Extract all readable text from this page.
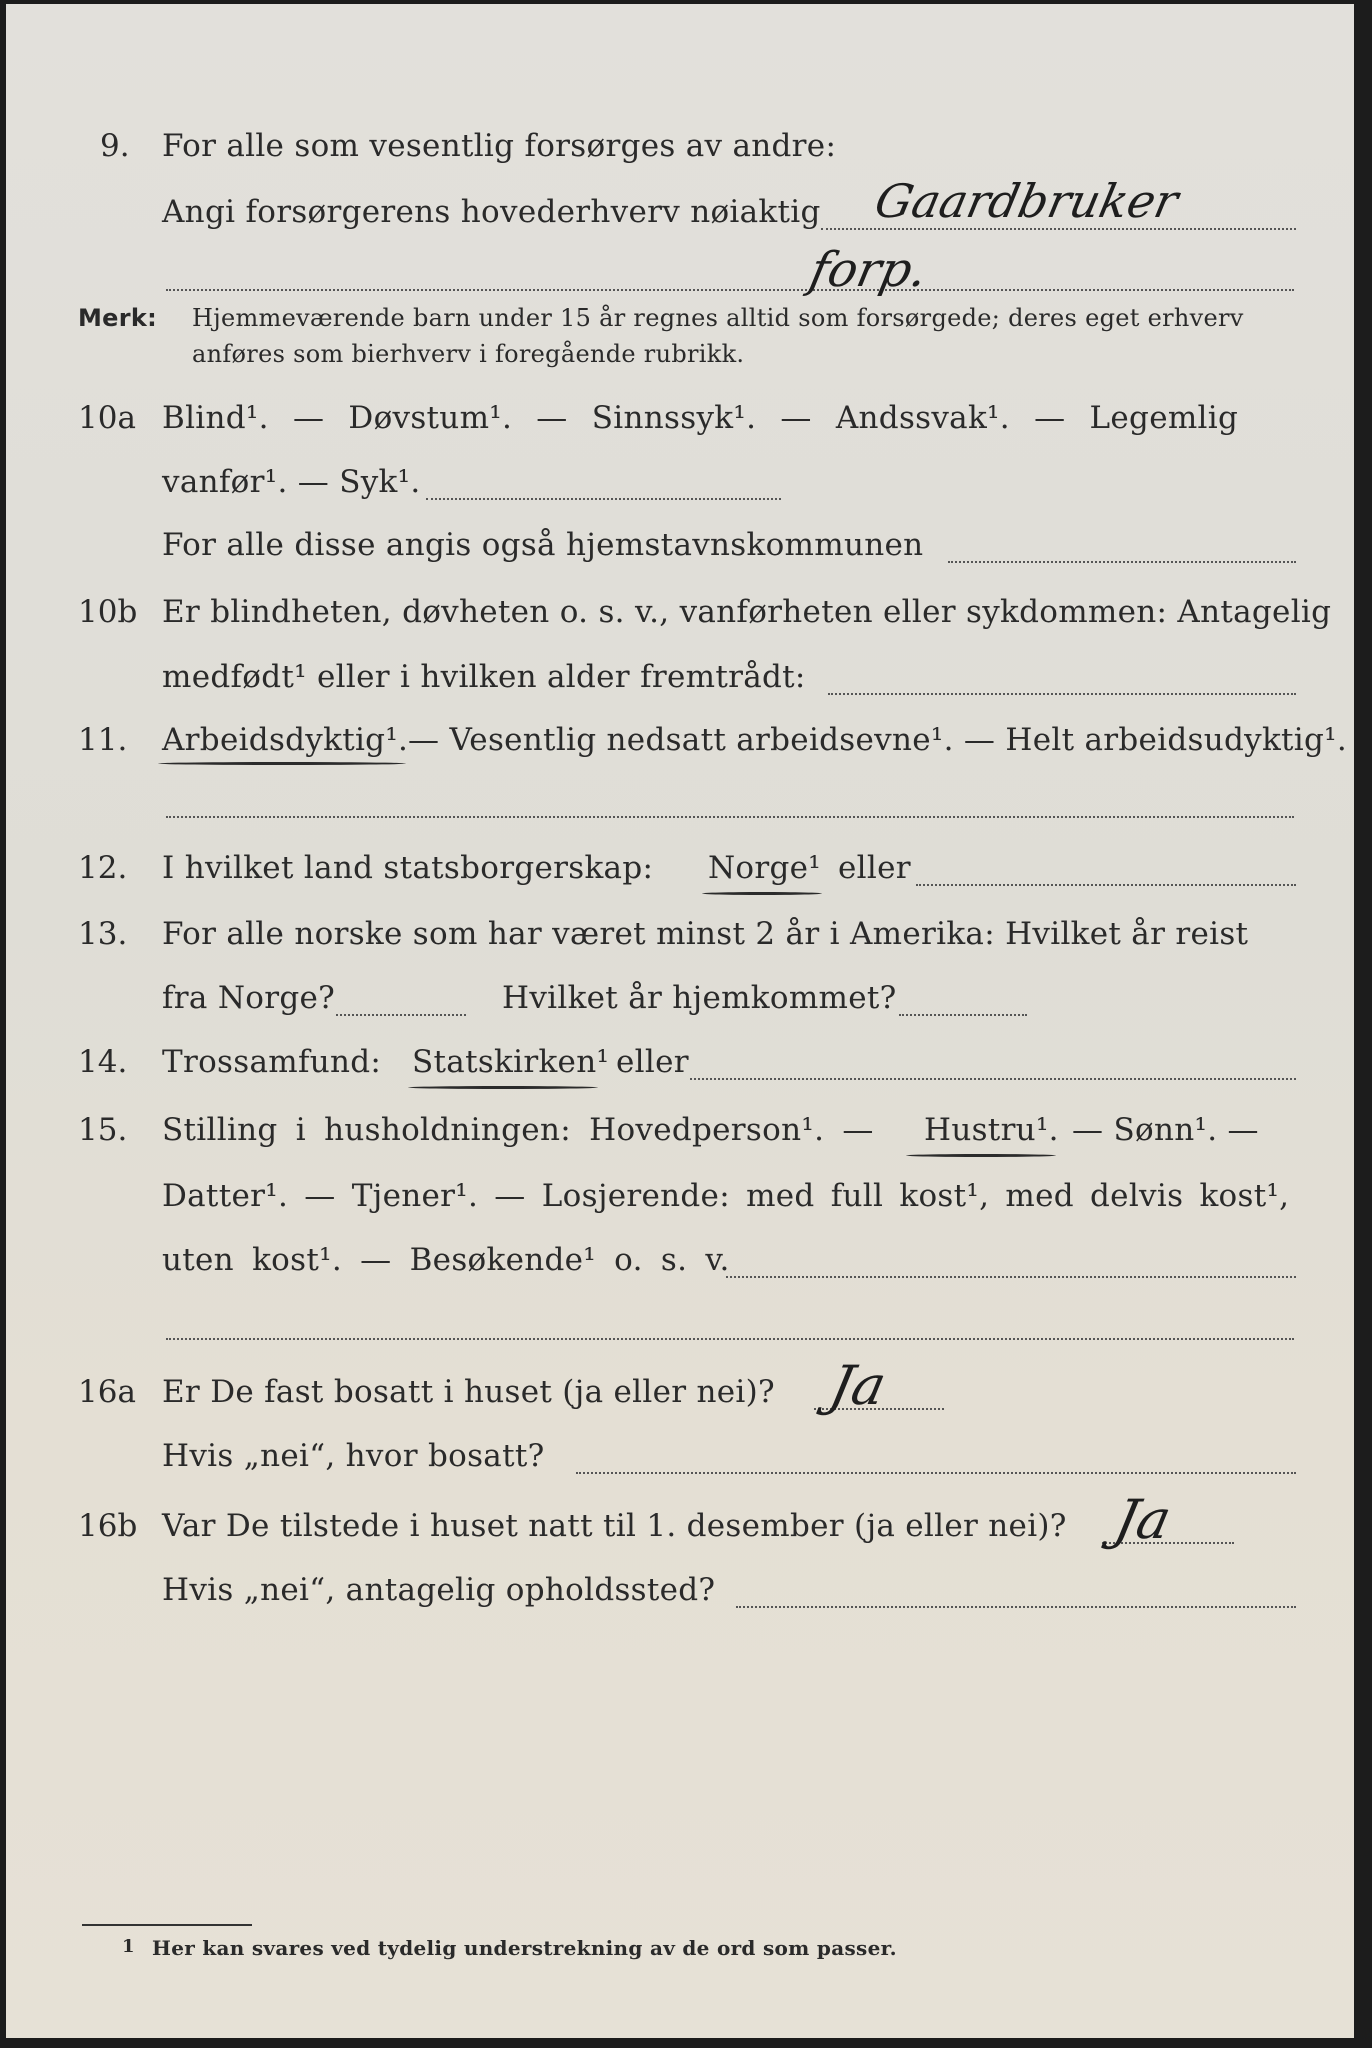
9. For alle som vesentlig forsørges av andre:
Angi forsørgerens hovederhverv nøiaktig Gaardbruker
forp.
Merk: Hjemmeværende barn under 15 år regnes alltid som forsørgede; deres eget erhverv
anføres som bierhverv i foregående rubrikk.
10a Blind¹. — Døvstum¹. — Sinnssyk¹. — Andssvak¹. — Legemlig
vanfør¹. — Syk¹.
For alle disse angis også hjemstavnskommunen
10b Er blindheten, døvheten o. s. v., vanførheten eller sykdommen: Antagelig
medfødt¹ eller i hvilken alder fremtrådt:
11. Arbeidsdyktig¹. — Vesentlig nedsatt arbeidsevne¹. — Helt arbeidsudyktig¹.
12. I hvilket land statsborgerskap: Norge¹ eller
13. For alle norske som har været minst 2 år i Amerika: Hvilket år reist
fra Norge?	Hvilket år hjemkommet?
14. Trossamfund: Statskirken¹ eller
15. Stilling i husholdningen: Hovedperson¹. — Hustru¹. — Sønn¹. —
Datter¹. — Tjener¹. — Losjerende: med full kost¹, med delvis kost¹,
uten kost¹. — Besøkende¹ o. s. v.
16a Er De fast bosatt i huset (ja eller nei)? Ja
Hvis „nei“, hvor bosatt?
16b Var De tilstede i huset natt til 1. desember (ja eller nei)? Ja
Hvis „nei“, antagelig opholdssted?
1 Her kan svares ved tydelig understrekning av de ord som passer.
